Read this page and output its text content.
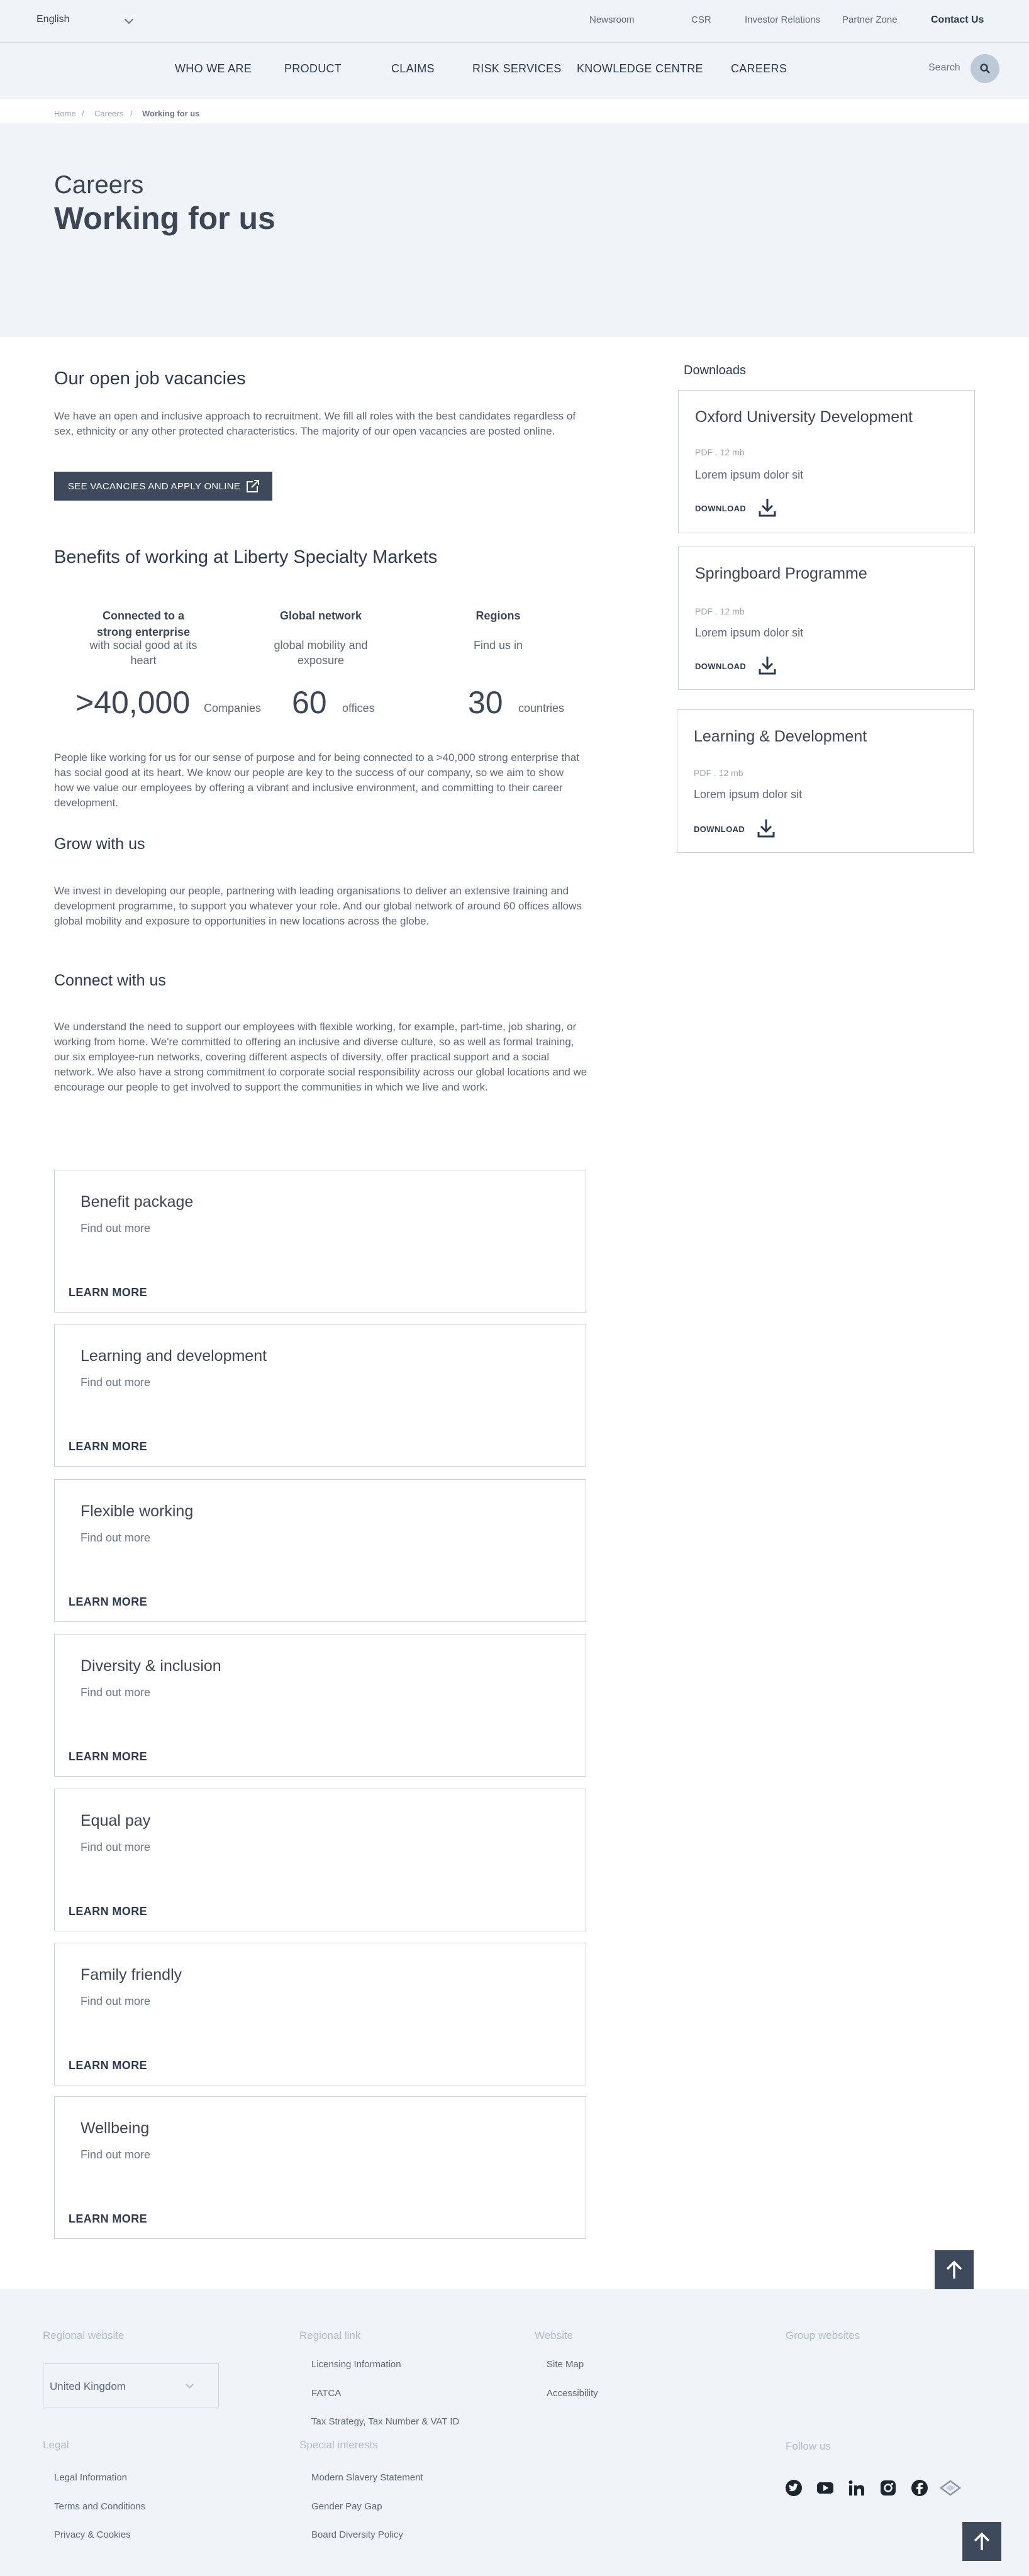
English	Newsroom	CSR	Investor Relations Partner Zone	Contact Us
WHO WE ARE	PRODUCT	CLAIMS	RISK SERVICES KNOWLEDGE CENTRE CAREERS	Search
Home / Careers / Working for us
Careers
Working for us
Our open job vacancies
We have an open and inclusive approach to recruitment. We fill all roles with the best candidates regardless of sex, ethnicity or any other protected characteristics. The majority of our open vacancies are posted online.
SEE VACANCIES AND APPLY ONLINE
Benefits of working at Liberty Specialty Markets
Connected to a strong enterprise
with social good at its heart
Global network
global mobility and exposure
Regions
Find us in
>40,000 Companies 60 offices	30 countries
People like working for us for our sense of purpose and for being connected to a >40,000 strong enterprise that has social good at its heart. We know our people are key to the success of our company, so we aim to show how we value our employees by offering a vibrant and inclusive environment, and committing to their career development.
Grow with us
We invest in developing our people, partnering with leading organisations to deliver an extensive training and development programme, to support you whatever your role. And our global network of around 60 offices allows global mobility and exposure to opportunities in new locations across the globe.
Connect with us
We understand the need to support our employees with flexible working, for example, part-time, job sharing, or working from home. We're committed to offering an inclusive and diverse culture, so as well as formal training, our six employee-run networks, covering different aspects of diversity, offer practical support and a social network. We also have a strong commitment to corporate social responsibility across our global locations and we encourage our people to get involved to support the communities in which we live and work.
Benefit package
Find out more
LEARN MORE
Learning and development
Find out more
LEARN MORE
Flexible working
Find out more
LEARN MORE
Diversity & inclusion
Find out more
LEARN MORE
Equal pay
Find out more
LEARN MORE
Family friendly
Find out more
LEARN MORE
Wellbeing
Find out more
LEARN MORE
Downloads
Oxford University Development
PDF . 12 mb
Lorem ipsum dolor sit
DOWNLOAD
Springboard Programme
PDF . 12 mb
Lorem ipsum dolor sit
DOWNLOAD
Learning & Development
PDF . 12 mb
Lorem ipsum dolor sit
DOWNLOAD
Regional website
United Kingdom
Regional link
Licensing Information
FATCA
Tax Strategy, Tax Number & VAT ID
Website
Site Map
Accessibility
Group websites
Legal
Legal Information
Terms and Conditions
Privacy & Cookies
Special interests
Modern Slavery Statement
Gender Pay Gap
Board Diversity Policy
Follow us
